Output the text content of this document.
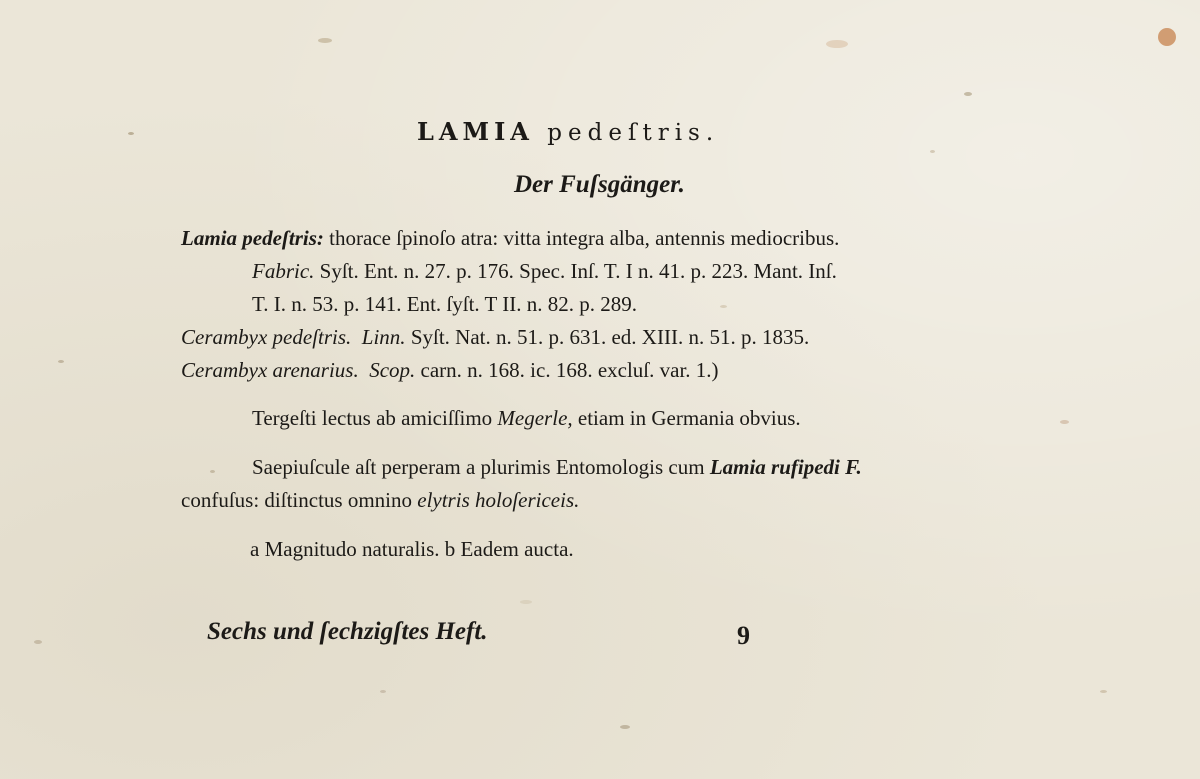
LAMIA pedeſtris.
Der Fuſsgänger.
Lamia pedeſtris: thorace ſpinoſo atra: vitta integra alba, antennis mediocribus.
Fabric. Syſt. Ent. n. 27. p. 176. Spec. Inſ. T. I n. 41. p. 223. Mant. Inſ.
T. I. n. 53. p. 141. Ent. ſyſt. T II. n. 82. p. 289.
Cerambyx pedeſtris. Linn. Syſt. Nat. n. 51. p. 631. ed. XIII. n. 51. p. 1835.
Cerambyx arenarius. Scop. carn. n. 168. ic. 168. excluſ. var. 1.)
Tergeſti lectus ab amiciſſimo Megerle, etiam in Germania obvius.
Saepiuſcule aſt perperam a plurimis Entomologis cum Lamia rufipedi F.
confuſus: diſtinctus omnino elytris holoſericeis.
a Magnitudo naturalis. b Eadem aucta.
Sechs und ſechzigſtes Heft.	9
